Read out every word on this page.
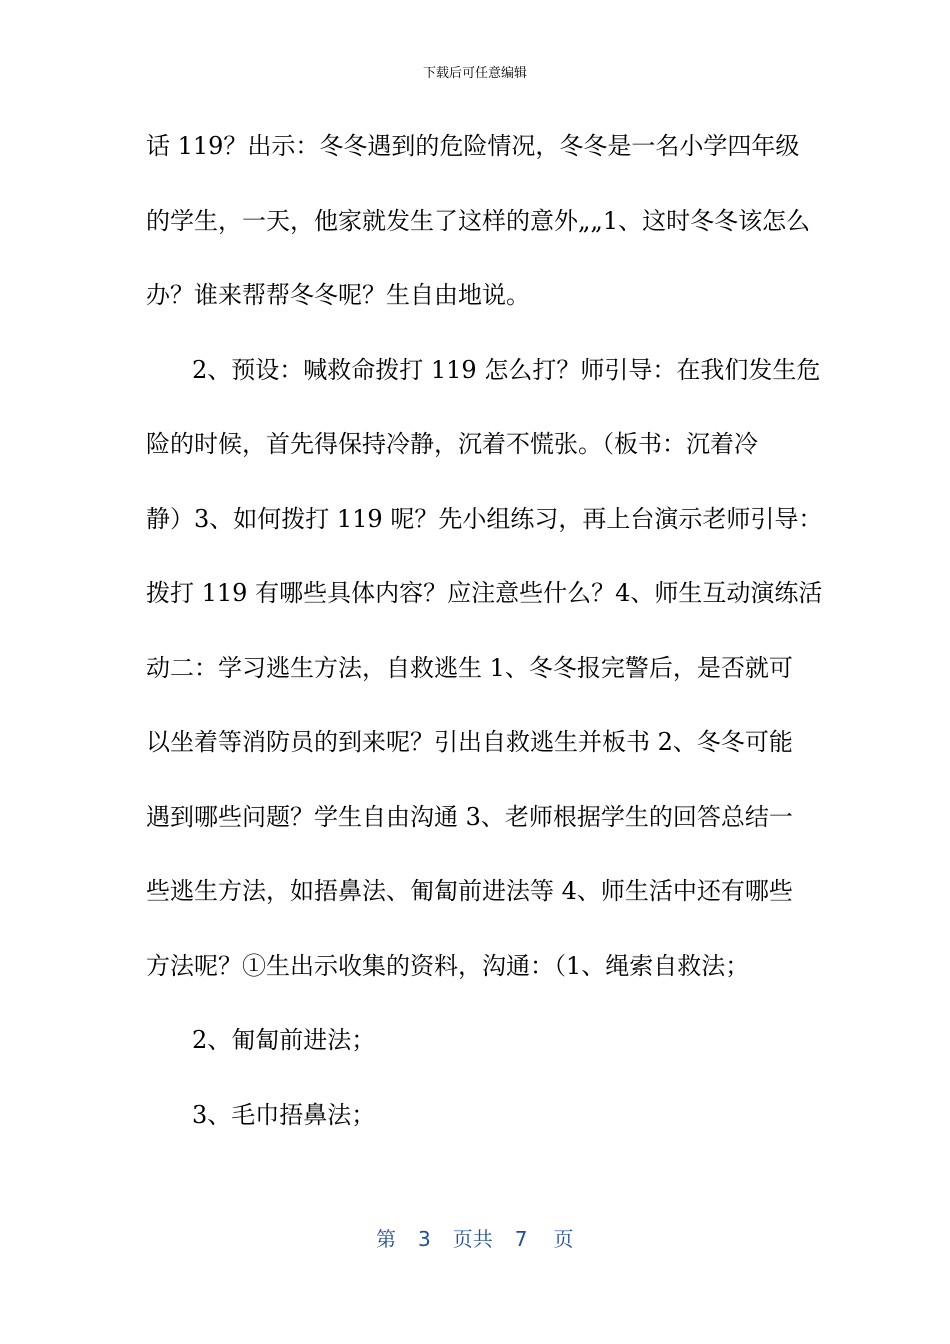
下载后可任意编辑
话 119？出示：冬冬遇到的危险情况，冬冬是一名小学四年级
的学生，一天，他家就发生了这样的意外„„1、这时冬冬该怎么
办？谁来帮帮冬冬呢？生自由地说。
2、预设：喊救命拨打 119 怎么打？师引导：在我们发生危
险的时候，首先得保持冷静，沉着不慌张。（板书：沉着冷
静）3、如何拨打 119 呢？先小组练习，再上台演示老师引导：
拨打 119 有哪些具体内容？应注意些什么？4、师生互动演练活
动二：学习逃生方法，自救逃生 1、冬冬报完警后，是否就可
以坐着等消防员的到来呢？引出自救逃生并板书 2、冬冬可能
遇到哪些问题？学生自由沟通 3、老师根据学生的回答总结一
些逃生方法，如捂鼻法、匍匐前进法等 4、师生活中还有哪些
方法呢？①生出示收集的资料，沟通：（1、绳索自救法；
2、匍匐前进法；
3、毛巾捂鼻法；
第 3 页共 7 页
